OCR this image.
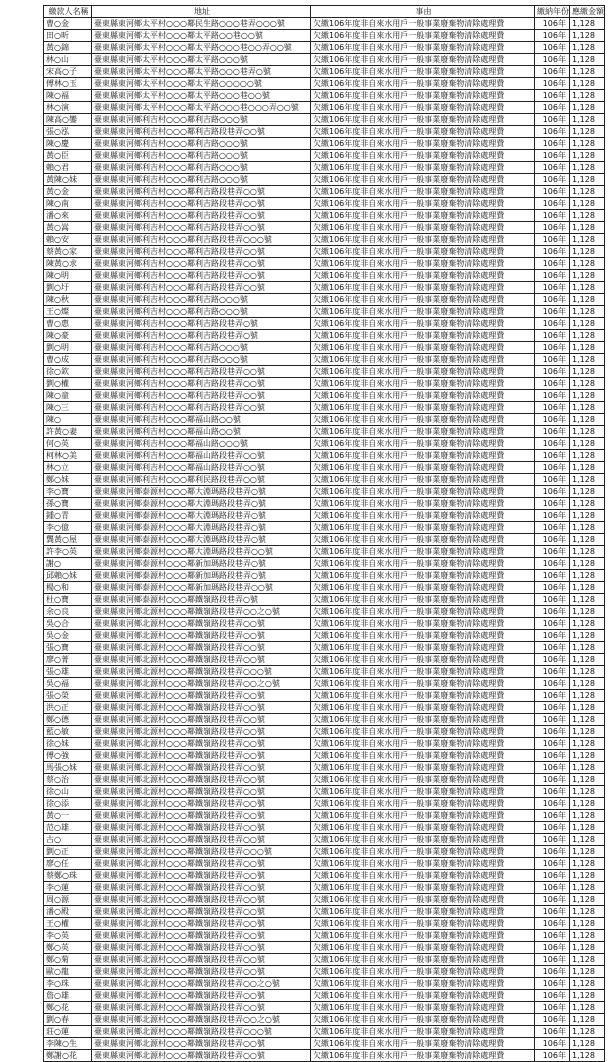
繳款人名稱	地址	事由	繳納年份	應繳金額
曹○金	臺東縣東河鄉太平村○○○鄰民生路○○○巷弄○○○號	欠繳106年度非自來水用戶一般事業廢棄物清除處理費	106年	1,128
田○昕	臺東縣東河鄉太平村○○○鄰太平路○○巷○○號	欠繳106年度非自來水用戶一般事業廢棄物清除處理費	106年	1,128
黃○錦	臺東縣東河鄉太平村○○○鄰太平路○○○巷○○弄○○號	欠繳106年度非自來水用戶一般事業廢棄物清除處理費	106年	1,128
林○山	臺東縣東河鄉太平村○○○鄰太平路○○○號	欠繳106年度非自來水用戶一般事業廢棄物清除處理費	106年	1,128
宋高○子	臺東縣東河鄉太平村○○○鄰太平路○○○巷弄○號	欠繳106年度非自來水用戶一般事業廢棄物清除處理費	106年	1,128
傅林○玉	臺東縣東河鄉太平村○○○鄰太平路○○○○○號	欠繳106年度非自來水用戶一般事業廢棄物清除處理費	106年	1,128
陳○福	臺東縣東河鄉太平村○○○鄰太平路○○○巷○○號	欠繳106年度非自來水用戶一般事業廢棄物清除處理費	106年	1,128
林○演	臺東縣東河鄉太平村○○○鄰太平路○○○巷○○○弄○○號	欠繳106年度非自來水用戶一般事業廢棄物清除處理費	106年	1,128
陳高○鑾	臺東縣東河鄉利吉村○○○鄰利吉路○○○號	欠繳106年度非自來水用戶一般事業廢棄物清除處理費	106年	1,128
張○泓	臺東縣東河鄉利吉村○○○鄰利吉路段巷弄○○號	欠繳106年度非自來水用戶一般事業廢棄物清除處理費	106年	1,128
陳○慶	臺東縣東河鄉利吉村○○○鄰利吉路○○○號	欠繳106年度非自來水用戶一般事業廢棄物清除處理費	106年	1,128
黃○臣	臺東縣東河鄉利吉村○○○鄰利吉路○○○號	欠繳106年度非自來水用戶一般事業廢棄物清除處理費	106年	1,128
賴○君	臺東縣東河鄉利吉村○○○鄰利吉路○○○號	欠繳106年度非自來水用戶一般事業廢棄物清除處理費	106年	1,128
黃陳○妹	臺東縣東河鄉利吉村○○○鄰利吉路○○○號	欠繳106年度非自來水用戶一般事業廢棄物清除處理費	106年	1,128
黃○金	臺東縣東河鄉利吉村○○○鄰利吉路段巷弄○○號	欠繳106年度非自來水用戶一般事業廢棄物清除處理費	106年	1,128
陳○南	臺東縣東河鄉利吉村○○○鄰利吉路段巷弄○○號	欠繳106年度非自來水用戶一般事業廢棄物清除處理費	106年	1,128
潘○來	臺東縣東河鄉利吉村○○○鄰利吉路段巷弄○○號	欠繳106年度非自來水用戶一般事業廢棄物清除處理費	106年	1,128
黃○嵩	臺東縣東河鄉利吉村○○○鄰利吉路段巷弄○○號	欠繳106年度非自來水用戶一般事業廢棄物清除處理費	106年	1,128
賴○安	臺東縣東河鄉利吉村○○○鄰利吉路段巷弄○○○號	欠繳106年度非自來水用戶一般事業廢棄物清除處理費	106年	1,128
蔡黃○家	臺東縣東河鄉利吉村○○○鄰利吉路段巷弄○○號	欠繳106年度非自來水用戶一般事業廢棄物清除處理費	106年	1,128
陳黃○求	臺東縣東河鄉利吉村○○○鄰利吉路段巷弄○○號	欠繳106年度非自來水用戶一般事業廢棄物清除處理費	106年	1,128
陳○明	臺東縣東河鄉利吉村○○○鄰利吉路段巷弄○○號	欠繳106年度非自來水用戶一般事業廢棄物清除處理費	106年	1,128
劉○圩	臺東縣東河鄉利吉村○○○鄰利吉路段巷弄○○號	欠繳106年度非自來水用戶一般事業廢棄物清除處理費	106年	1,128
陳○秋	臺東縣東河鄉利吉村○○○鄰利吉路○○○號	欠繳106年度非自來水用戶一般事業廢棄物清除處理費	106年	1,128
王○燦	臺東縣東河鄉利吉村○○○鄰利吉路○○○號	欠繳106年度非自來水用戶一般事業廢棄物清除處理費	106年	1,128
曹○惠	臺東縣東河鄉利吉村○○○鄰利吉路段巷弄○號	欠繳106年度非自來水用戶一般事業廢棄物清除處理費	106年	1,128
陳○豪	臺東縣東河鄉利吉村○○○鄰利吉路段巷弄○號	欠繳106年度非自來水用戶一般事業廢棄物清除處理費	106年	1,128
劉○明	臺東縣東河鄉利吉村○○○鄰利吉路○○○號	欠繳106年度非自來水用戶一般事業廢棄物清除處理費	106年	1,128
曹○成	臺東縣東河鄉利吉村○○○鄰利吉路○○○號	欠繳106年度非自來水用戶一般事業廢棄物清除處理費	106年	1,128
徐○欽	臺東縣東河鄉利吉村○○○鄰利吉路段巷弄○○號	欠繳106年度非自來水用戶一般事業廢棄物清除處理費	106年	1,128
劉○權	臺東縣東河鄉利吉村○○○鄰利吉路段巷弄○○號	欠繳106年度非自來水用戶一般事業廢棄物清除處理費	106年	1,128
陳○童	臺東縣東河鄉利吉村○○○鄰利吉路段巷弄○○號	欠繳106年度非自來水用戶一般事業廢棄物清除處理費	106年	1,128
陳○三	臺東縣東河鄉利吉村○○○鄰利吉路段巷弄○○號	欠繳106年度非自來水用戶一般事業廢棄物清除處理費	106年	1,128
陳○	臺東縣東河鄉利吉村○○○鄰福山路○○號	欠繳106年度非自來水用戶一般事業廢棄物清除處理費	106年	1,128
許黃○妻	臺東縣東河鄉利吉村○○○鄰福山路○○號	欠繳106年度非自來水用戶一般事業廢棄物清除處理費	106年	1,128
何○英	臺東縣東河鄉利吉村○○○鄰福山路○○○號	欠繳106年度非自來水用戶一般事業廢棄物清除處理費	106年	1,128
柯林○美	臺東縣東河鄉利吉村○○○鄰福山路段巷弄○○號	欠繳106年度非自來水用戶一般事業廢棄物清除處理費	106年	1,128
林○立	臺東縣東河鄉利吉村○○○鄰福山路段巷弄○○號	欠繳106年度非自來水用戶一般事業廢棄物清除處理費	106年	1,128
鄭○妹	臺東縣東河鄉利吉村○○○鄰利民路段巷弄○○號	欠繳106年度非自來水用戶一般事業廢棄物清除處理費	106年	1,128
李○寶	臺東縣東河鄉泰源村○○○鄰大淵瑪路段巷弄○號	欠繳106年度非自來水用戶一般事業廢棄物清除處理費	106年	1,128
孫○寶	臺東縣東河鄉泰源村○○○鄰大淵瑪路段巷弄○號	欠繳106年度非自來水用戶一般事業廢棄物清除處理費	106年	1,128
鍾○青	臺東縣東河鄉泰源村○○○鄰大淵瑪路段巷弄○號	欠繳106年度非自來水用戶一般事業廢棄物清除處理費	106年	1,128
李○億	臺東縣東河鄉泰源村○○○鄰大淵瑪路段巷弄○號	欠繳106年度非自來水用戶一般事業廢棄物清除處理費	106年	1,128
龔黃○屋	臺東縣東河鄉泰源村○○○鄰大淵瑪路段巷弄○號	欠繳106年度非自來水用戶一般事業廢棄物清除處理費	106年	1,128
許李○英	臺東縣東河鄉泰源村○○○鄰大淵瑪路段巷弄○○號	欠繳106年度非自來水用戶一般事業廢棄物清除處理費	106年	1,128
謝○	臺東縣東河鄉泰源村○○○鄰新加瑪路段巷弄○號	欠繳106年度非自來水用戶一般事業廢棄物清除處理費	106年	1,128
邱賴○妹	臺東縣東河鄉泰源村○○○鄰新加瑪路段巷弄○號	欠繳106年度非自來水用戶一般事業廢棄物清除處理費	106年	1,128
楊○和	臺東縣東河鄉泰源村○○○鄰新加瑪路段巷弄○○號	欠繳106年度非自來水用戶一般事業廢棄物清除處理費	106年	1,128
杜○寶	臺東縣東河鄉泰源村○○○鄰鐵嶺路段巷弄○號	欠繳106年度非自來水用戶一般事業廢棄物清除處理費	106年	1,128
余○良	臺東縣東河鄉北源村○○○鄰鐵嶺路段巷弄○○之○號	欠繳106年度非自來水用戶一般事業廢棄物清除處理費	106年	1,128
吳○合	臺東縣東河鄉北源村○○○鄰鐵嶺路段巷弄○○號	欠繳106年度非自來水用戶一般事業廢棄物清除處理費	106年	1,128
吳○金	臺東縣東河鄉北源村○○○鄰鐵嶺路段巷弄○○號	欠繳106年度非自來水用戶一般事業廢棄物清除處理費	106年	1,128
張○寶	臺東縣東河鄉北源村○○○鄰鐵嶺路段巷弄○○號	欠繳106年度非自來水用戶一般事業廢棄物清除處理費	106年	1,128
廖○菁	臺東縣東河鄉北源村○○○鄰鐵嶺路段巷弄○○號	欠繳106年度非自來水用戶一般事業廢棄物清除處理費	106年	1,128
張○雄	臺東縣東河鄉北源村○○○鄰鐵嶺路段巷弄○○○號	欠繳106年度非自來水用戶一般事業廢棄物清除處理費	106年	1,128
吳○福	臺東縣東河鄉北源村○○○鄰鐵嶺路段巷弄○○之○號	欠繳106年度非自來水用戶一般事業廢棄物清除處理費	106年	1,128
張○榮	臺東縣東河鄉北源村○○○鄰鐵嶺路段巷弄○○號	欠繳106年度非自來水用戶一般事業廢棄物清除處理費	106年	1,128
洪○正	臺東縣東河鄉北源村○○○鄰鐵嶺路段巷弄○○號	欠繳106年度非自來水用戶一般事業廢棄物清除處理費	106年	1,128
鄭○德	臺東縣東河鄉北源村○○○鄰鐵嶺路段巷弄○○號	欠繳106年度非自來水用戶一般事業廢棄物清除處理費	106年	1,128
藍○敏	臺東縣東河鄉北源村○○○鄰鐵嶺路段巷弄○○號	欠繳106年度非自來水用戶一般事業廢棄物清除處理費	106年	1,128
徐○妹	臺東縣東河鄉北源村○○○鄰鐵嶺路段巷弄○○號	欠繳106年度非自來水用戶一般事業廢棄物清除處理費	106年	1,128
傅○強	臺東縣東河鄉北源村○○○鄰鐵嶺路段巷弄○○號	欠繳106年度非自來水用戶一般事業廢棄物清除處理費	106年	1,128
馬張○妹	臺東縣東河鄉北源村○○○鄰鐵嶺路段巷弄○○號	欠繳106年度非自來水用戶一般事業廢棄物清除處理費	106年	1,128
蔡○治	臺東縣東河鄉北源村○○○鄰鐵嶺路段巷弄○○號	欠繳106年度非自來水用戶一般事業廢棄物清除處理費	106年	1,128
徐○山	臺東縣東河鄉北源村○○○鄰鐵嶺路段巷弄○○號	欠繳106年度非自來水用戶一般事業廢棄物清除處理費	106年	1,128
徐○添	臺東縣東河鄉北源村○○○鄰鐵嶺路段巷弄○○號	欠繳106年度非自來水用戶一般事業廢棄物清除處理費	106年	1,128
黃○一	臺東縣東河鄉北源村○○○鄰鐵嶺路段巷弄○○號	欠繳106年度非自來水用戶一般事業廢棄物清除處理費	106年	1,128
范○雄	臺東縣東河鄉北源村○○○鄰鐵嶺路段巷弄○○號	欠繳106年度非自來水用戶一般事業廢棄物清除處理費	106年	1,128
古○	臺東縣東河鄉北源村○○○鄰鐵嶺路段巷弄○○號	欠繳106年度非自來水用戶一般事業廢棄物清除處理費	106年	1,128
劉○正	臺東縣東河鄉北源村○○○鄰鐵嶺路段巷弄○○○號	欠繳106年度非自來水用戶一般事業廢棄物清除處理費	106年	1,128
廖○任	臺東縣東河鄉北源村○○○鄰鐵嶺路段巷弄○○號	欠繳106年度非自來水用戶一般事業廢棄物清除處理費	106年	1,128
蔡鄭○珠	臺東縣東河鄉北源村○○○鄰鐵嶺路段巷弄○○號	欠繳106年度非自來水用戶一般事業廢棄物清除處理費	106年	1,128
李○蓮	臺東縣東河鄉北源村○○○鄰鐵嶺路段巷弄○○號	欠繳106年度非自來水用戶一般事業廢棄物清除處理費	106年	1,128
周○源	臺東縣東河鄉北源村○○○鄰鐵嶺路段巷弄○○號	欠繳106年度非自來水用戶一般事業廢棄物清除處理費	106年	1,128
潘○殿	臺東縣東河鄉北源村○○○鄰鐵嶺路段巷弄○○號	欠繳106年度非自來水用戶一般事業廢棄物清除處理費	106年	1,128
王○權	臺東縣東河鄉北源村○○○鄰鐵嶺路段巷弄○○號	欠繳106年度非自來水用戶一般事業廢棄物清除處理費	106年	1,128
李○英	臺東縣東河鄉北源村○○○鄰鐵嶺路段巷弄○○號	欠繳106年度非自來水用戶一般事業廢棄物清除處理費	106年	1,128
鄭○英	臺東縣東河鄉北源村○○○鄰鐵嶺路段巷弄○○號	欠繳106年度非自來水用戶一般事業廢棄物清除處理費	106年	1,128
鄭○菊	臺東縣東河鄉北源村○○○鄰鐵嶺路段巷弄○○號	欠繳106年度非自來水用戶一般事業廢棄物清除處理費	106年	1,128
歐○龍	臺東縣東河鄉北源村○○○鄰鐵嶺路段巷弄○○號	欠繳106年度非自來水用戶一般事業廢棄物清除處理費	106年	1,128
李○珠	臺東縣東河鄉北源村○○○鄰鐵嶺路段巷弄○○之○號	欠繳106年度非自來水用戶一般事業廢棄物清除處理費	106年	1,128
詹○雄	臺東縣東河鄉北源村○○○鄰鐵嶺路段巷弄○○號	欠繳106年度非自來水用戶一般事業廢棄物清除處理費	106年	1,128
鄭○花	臺東縣東河鄉北源村○○○鄰鐵嶺路段巷弄○○號	欠繳106年度非自來水用戶一般事業廢棄物清除處理費	106年	1,128
劉○春	臺東縣東河鄉北源村○○○鄰鐵嶺路段巷弄○○之○號	欠繳106年度非自來水用戶一般事業廢棄物清除處理費	106年	1,128
莊○蓮	臺東縣東河鄉北源村○○○鄰鐵嶺路段巷弄○○○號	欠繳106年度非自來水用戶一般事業廢棄物清除處理費	106年	1,128
李陳○生	臺東縣東河鄉北源村○○○鄰鐵嶺路段巷弄○○號	欠繳106年度非自來水用戶一般事業廢棄物清除處理費	106年	1,128
鄭謝○花	臺東縣東河鄉北源村○○○鄰鐵嶺路段巷弄○○號	欠繳106年度非自來水用戶一般事業廢棄物清除處理費	106年	1,128
